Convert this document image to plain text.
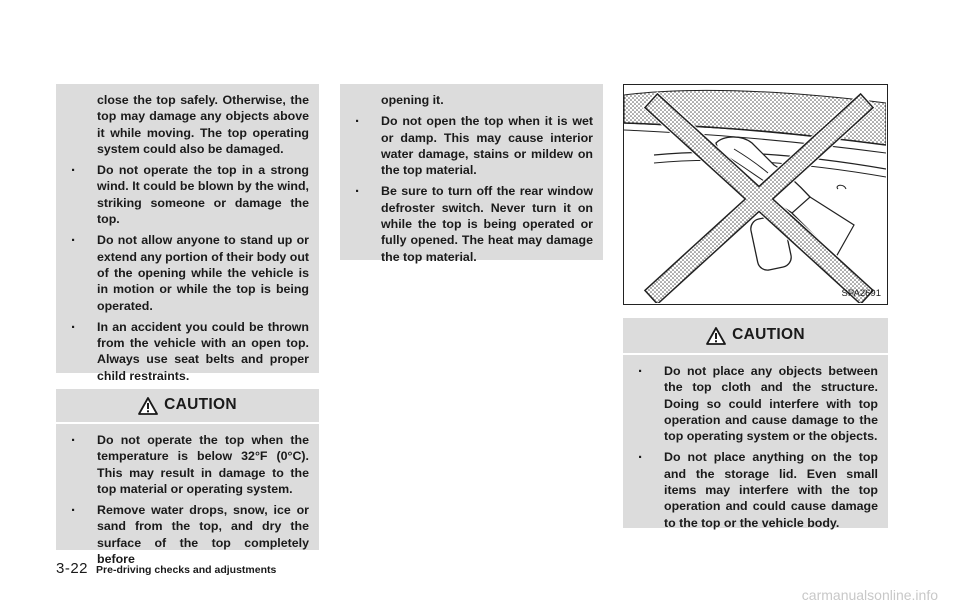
close the top safely. Otherwise, the top may damage any objects above it while moving. The top operating system could also be damaged.

. Do not operate the top in a strong wind. It could be blown by the wind, striking someone or damage the top.
. Do not allow anyone to stand up or extend any portion of their body out of the opening while the vehicle is in motion or while the top is being operated.
. In an accident you could be thrown from the vehicle with an open top. Always use seat belts and proper child restraints.
CAUTION
. Do not operate the top when the temperature is below 32°F (0°C). This may result in damage to the top material or operating system.
. Remove water drops, snow, ice or sand from the top, and dry the surface of the top completely before

opening it.

. Do not open the top when it is wet or damp. This may cause interior water damage, stains or mildew on the top material.
. Be sure to turn off the rear window defroster switch. Never turn it on while the top is being operated or fully opened. The heat may damage the top material.
SPA2691
CAUTION
. Do not place any objects between the top cloth and the structure. Doing so could interfere with top operation and cause damage to the top operating system or the objects.
. Do not place anything on the top and the storage lid. Even small items may interfere with the top operation and could cause damage to the top or the vehicle body.
3-22 Pre-driving checks and adjustments
carmanualsonline.info
